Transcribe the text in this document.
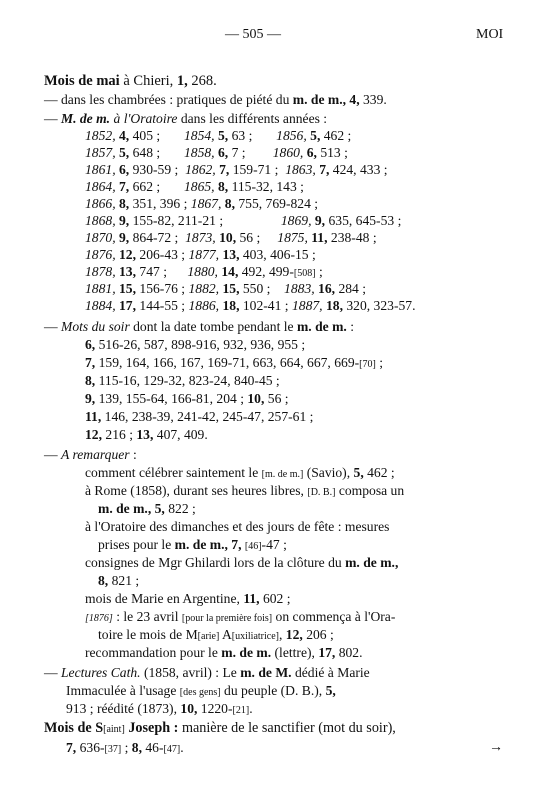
— 505 —	MOI
Mois de mai à Chieri, 1, 268.
— dans les chambrées : pratiques de piété du m. de m., 4, 339.
— M. de m. à l'Oratoire dans les différents années :
1852, 4, 405 ;       1854, 5, 63 ;       1856, 5, 462 ;
1857, 5, 648 ;       1858, 6, 7 ;        1860, 6, 513 ;
1861, 6, 930-59 ;  1862, 7, 159-71 ;  1863, 7, 424, 433 ;
1864, 7, 662 ;       1865, 8, 115-32, 143 ;
1866, 8, 351, 396 ; 1867, 8, 755, 769-824 ;
1868, 9, 155-82, 211-21 ;                 1869, 9, 635, 645-53 ;
1870, 9, 864-72 ;  1873, 10, 56 ;     1875, 11, 238-48 ;
1876, 12, 206-43 ; 1877, 13, 403, 406-15 ;
1878, 13, 747 ;      1880, 14, 492, 499-[508] ;
1881, 15, 156-76 ; 1882, 15, 550 ;    1883, 16, 284 ;
1884, 17, 144-55 ; 1886, 18, 102-41 ; 1887, 18, 320, 323-57.
— Mots du soir dont la date tombe pendant le m. de m. :
6, 516-26, 587, 898-916, 932, 936, 955 ;
7, 159, 164, 166, 167, 169-71, 663, 664, 667, 669-[70] ;
8, 115-16, 129-32, 823-24, 840-45 ;
9, 139, 155-64, 166-81, 204 ; 10, 56 ;
11, 146, 238-39, 241-42, 245-47, 257-61 ;
12, 216 ; 13, 407, 409.
— A remarquer :
comment célébrer saintement le [m. de m.] (Savio), 5, 462 ;
à Rome (1858), durant ses heures libres, [D. B.] composa un
m. de m., 5, 822 ;
à l'Oratoire des dimanches et des jours de fête : mesures
prises pour le m. de m., 7, [46]-47 ;
consignes de Mgr Ghilardi lors de la clôture du m. de m.,
8, 821 ;
mois de Marie en Argentine, 11, 602 ;
[1876] : le 23 avril [pour la première fois] on commença à l'Ora-
toire le mois de M[arie] A[uxiliatrice], 12, 206 ;
recommandation pour le m. de m. (lettre), 17, 802.
— Lectures Cath. (1858, avril) : Le m. de M. dédié à Marie
Immaculée à l'usage [des gens] du peuple (D. B.), 5,
913 ; réédité (1873), 10, 1220-[21].
Mois de S[aint] Joseph : manière de le sanctifier (mot du soir),
7, 636-[37] ; 8, 46-[47].	→
